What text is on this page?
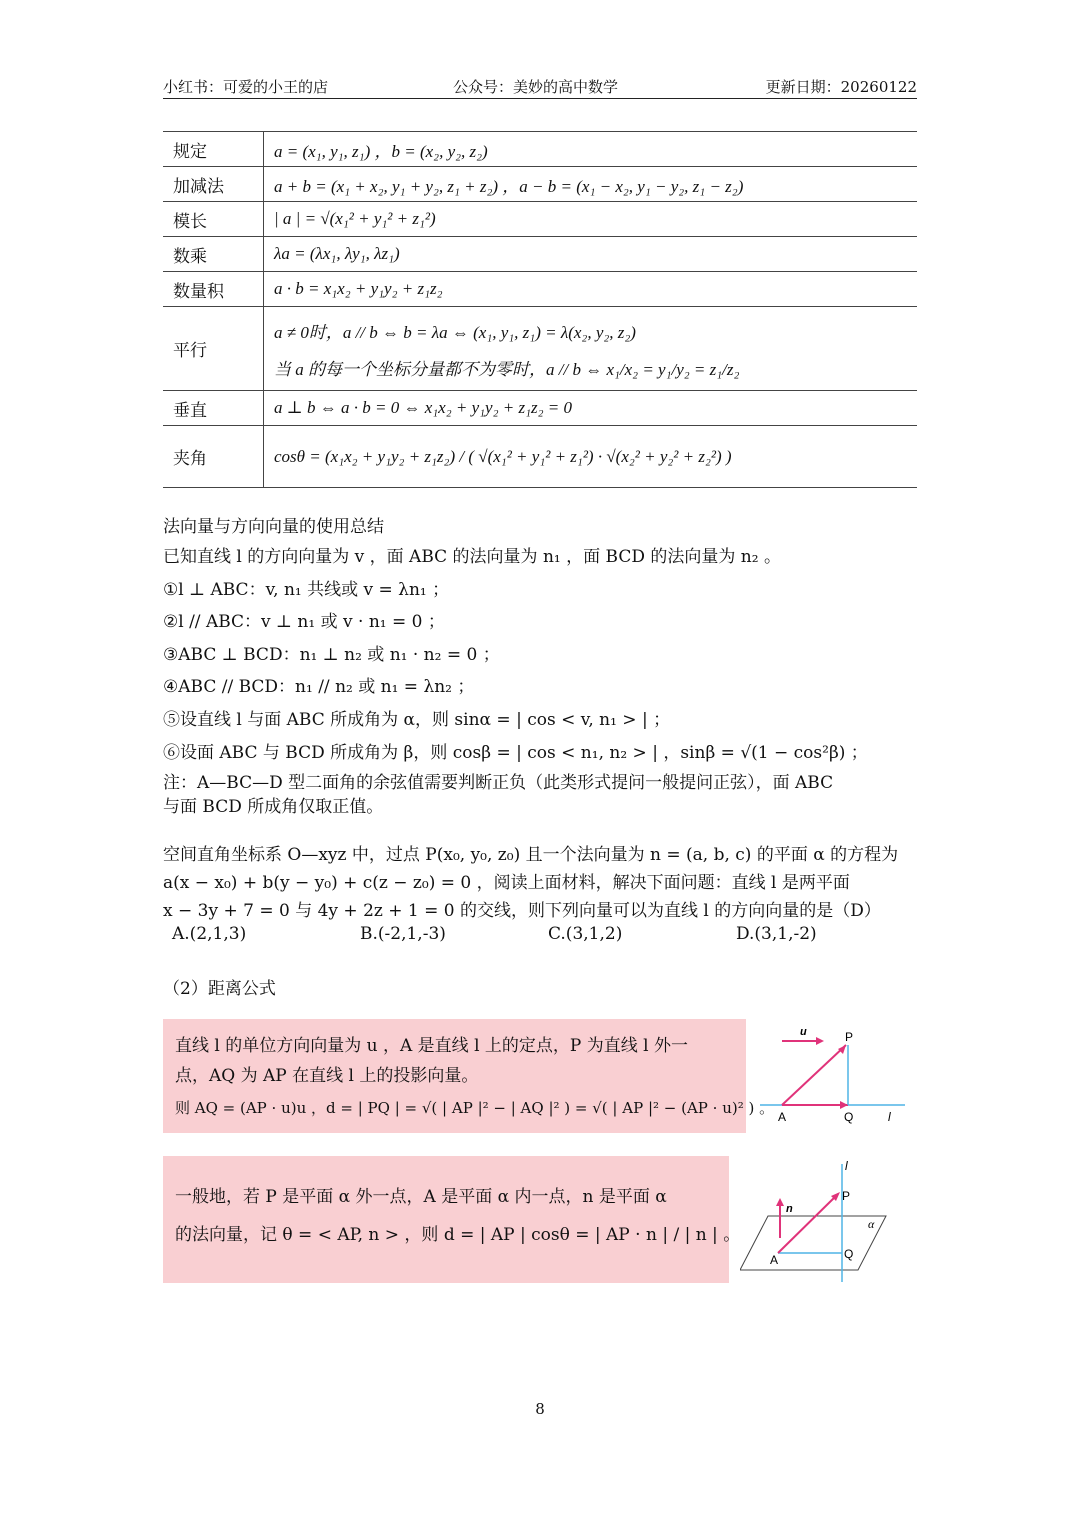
小红书：可爱的小王的店	公众号：美妙的高中数学	更新日期：20260122
规定	a = (x₁, y₁, z₁) ，b = (x₂, y₂, z₂)
加减法	a + b = (x₁ + x₂, y₁ + y₂, z₁ + z₂) ，a − b = (x₁ − x₂, y₁ − y₂, z₁ − z₂)
模长	| a | = √(x₁² + y₁² + z₁²)
数乘	λa = (λx₁, λy₁, λz₁)
数量积	a · b = x₁x₂ + y₁y₂ + z₁z₂
平行	a ≠ 0时，a // b ⇔ b = λa ⇔ (x₁, y₁, z₁) = λ(x₂, y₂, z₂)
当 a 的每一个坐标分量都不为零时，a // b ⇔ x₁/x₂ = y₁/y₂ = z₁/z₂

垂直	a ⊥ b ⇔ a · b = 0 ⇔ x₁x₂ + y₁y₂ + z₁z₂ = 0
夹角	cosθ = (x₁x₂ + y₁y₂ + z₁z₂) / ( √(x₁² + y₁² + z₁²) · √(x₂² + y₂² + z₂²) )
法向量与方向向量的使用总结
已知直线 l 的方向向量为 v ，面 ABC 的法向量为 n₁ ，面 BCD 的法向量为 n₂ 。
①l ⊥ ABC：v, n₁ 共线或 v = λn₁ ；
②l // ABC：v ⊥ n₁ 或 v · n₁ = 0 ；
③ABC ⊥ BCD：n₁ ⊥ n₂ 或 n₁ · n₂ = 0 ；
④ABC // BCD：n₁ // n₂ 或 n₁ = λn₂ ；
⑤设直线 l 与面 ABC 所成角为 α，则 sinα = | cos < v, n₁ > | ；
⑥设面 ABC 与 BCD 所成角为 β，则 cosβ = | cos < n₁, n₂ > | ，sinβ = √(1 − cos²β) ；
注：A—BC—D 型二面角的余弦值需要判断正负（此类形式提问一般提问正弦），面 ABC
与面 BCD 所成角仅取正值。
空间直角坐标系 O—xyz 中，过点 P(x₀, y₀, z₀) 且一个法向量为 n = (a, b, c) 的平面 α 的方程为
a(x − x₀) + b(y − y₀) + c(z − z₀) = 0 ，阅读上面材料，解决下面问题：直线 l 是两平面
x − 3y + 7 = 0 与 4y + 2z + 1 = 0 的交线，则下列向量可以为直线 l 的方向向量的是（D）
A.(2,1,3)	B.(-2,1,-3)	C.(3,1,2)	D.(3,1,-2)
（2）距离公式

直线 l 的单位方向向量为 u ，A 是直线 l 上的定点，P 为直线 l 外一

点，AQ 为 AP 在直线 l 上的投影向量。

则 AQ = (AP · u)u ，d = | PQ | = √( | AP |² − | AQ |² ) = √( | AP |² − (AP · u)² ) 。

u	P
A	Q	l

一般地，若 P 是平面 α 外一点，A 是平面 α 内一点，n 是平面 α

的法向量，记 θ = < AP, n > ，则 d = | AP | cosθ = | AP · n | / | n | 。

l
n
P
α
A	Q
8
